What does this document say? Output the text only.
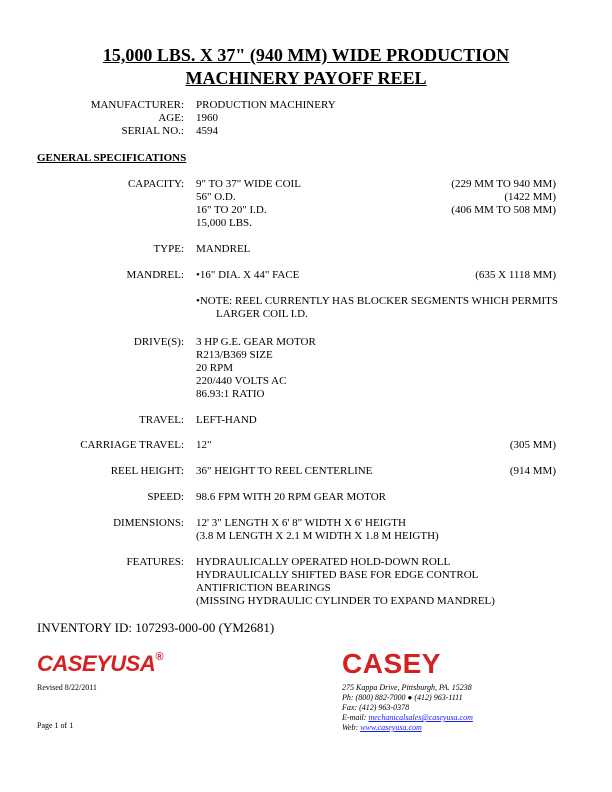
15,000 LBS. X 37" (940 MM) WIDE PRODUCTION
MACHINERY PAYOFF REEL
MANUFACTURER: PRODUCTION MACHINERY
AGE: 1960
SERIAL NO.: 4594
GENERAL SPECIFICATIONS
CAPACITY: 9" TO 37" WIDE COIL	(229 MM TO 940 MM)
56" O.D.	(1422 MM)
16" TO 20" I.D.	(406 MM TO 508 MM)
15,000 LBS.
TYPE: MANDREL
MANDREL: •16" DIA. X 44" FACE	(635 X 1118 MM)
•NOTE: REEL CURRENTLY HAS BLOCKER SEGMENTS WHICH PERMITS
LARGER COIL I.D.
DRIVE(S): 3 HP G.E. GEAR MOTOR
R213/B369 SIZE
20 RPM
220/440 VOLTS AC
86.93:1 RATIO
TRAVEL: LEFT-HAND
CARRIAGE TRAVEL: 12"	(305 MM)
REEL HEIGHT: 36" HEIGHT TO REEL CENTERLINE	(914 MM)
SPEED: 98.6 FPM WITH 20 RPM GEAR MOTOR
DIMENSIONS: 12' 3" LENGTH X 6' 8" WIDTH X 6' HEIGTH
(3.8 M LENGTH X 2.1 M WIDTH X 1.8 M HEIGTH)
FEATURES: HYDRAULICALLY OPERATED HOLD-DOWN ROLL
HYDRAULICALLY SHIFTED BASE FOR EDGE CONTROL
ANTIFRICTION BEARINGS
(MISSING HYDRAULIC CYLINDER TO EXPAND MANDREL)
INVENTORY ID: 107293-000-00 (YM2681)
CASEYUSA®	CASEY
Revised 8/22/2011
Page 1 of 1
275 Kappa Drive, Pittsburgh, PA. 15238
Ph: (800) 882-7000 ● (412) 963-1111
Fax: (412) 963-0378
E-mail: mechanicalsales@caseyusa.com
Web: www.caseyusa.com
